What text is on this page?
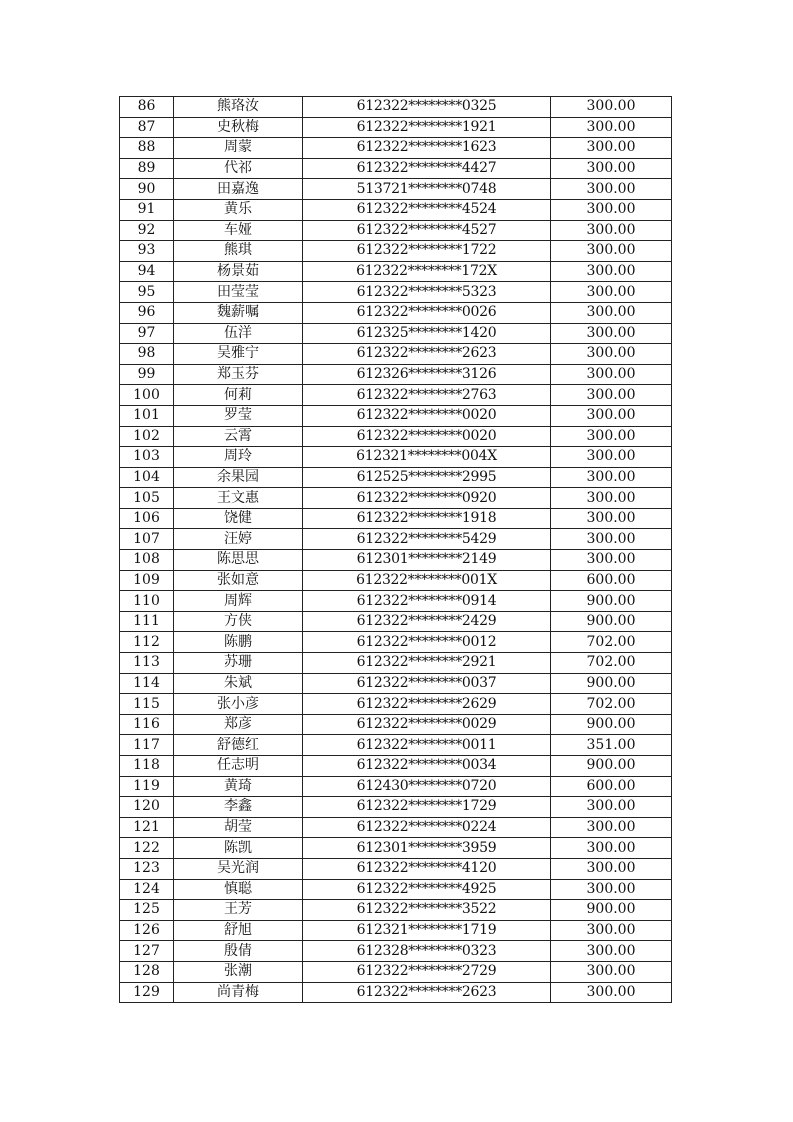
86	熊珞汝	612322********0325	300.00
87	史秋梅	612322********1921	300.00
88	周蒙	612322********1623	300.00
89	代祁	612322********4427	300.00
90	田嘉逸	513721********0748	300.00
91	黄乐	612322********4524	300.00
92	车娅	612322********4527	300.00
93	熊琪	612322********1722	300.00
94	杨景茹	612322********172X	300.00
95	田莹莹	612322********5323	300.00
96	魏薪嘱	612322********0026	300.00
97	伍洋	612325********1420	300.00
98	吴雅宁	612322********2623	300.00
99	郑玉芬	612326********3126	300.00
100	何莉	612322********2763	300.00
101	罗莹	612322********0020	300.00
102	云霄	612322********0020	300.00
103	周玲	612321********004X	300.00
104	余果园	612525********2995	300.00
105	王文惠	612322********0920	300.00
106	饶健	612322********1918	300.00
107	汪婷	612322********5429	300.00
108	陈思思	612301********2149	300.00
109	张如意	612322********001X	600.00
110	周辉	612322********0914	900.00
111	方侠	612322********2429	900.00
112	陈鹏	612322********0012	702.00
113	苏珊	612322********2921	702.00
114	朱斌	612322********0037	900.00
115	张小彦	612322********2629	702.00
116	郑彦	612322********0029	900.00
117	舒德红	612322********0011	351.00
118	任志明	612322********0034	900.00
119	黄琦	612430********0720	600.00
120	李鑫	612322********1729	300.00
121	胡莹	612322********0224	300.00
122	陈凯	612301********3959	300.00
123	吴光润	612322********4120	300.00
124	慎聪	612322********4925	300.00
125	王芳	612322********3522	900.00
126	舒旭	612321********1719	300.00
127	殷倩	612328********0323	300.00
128	张潮	612322********2729	300.00
129	尚青梅	612322********2623	300.00
